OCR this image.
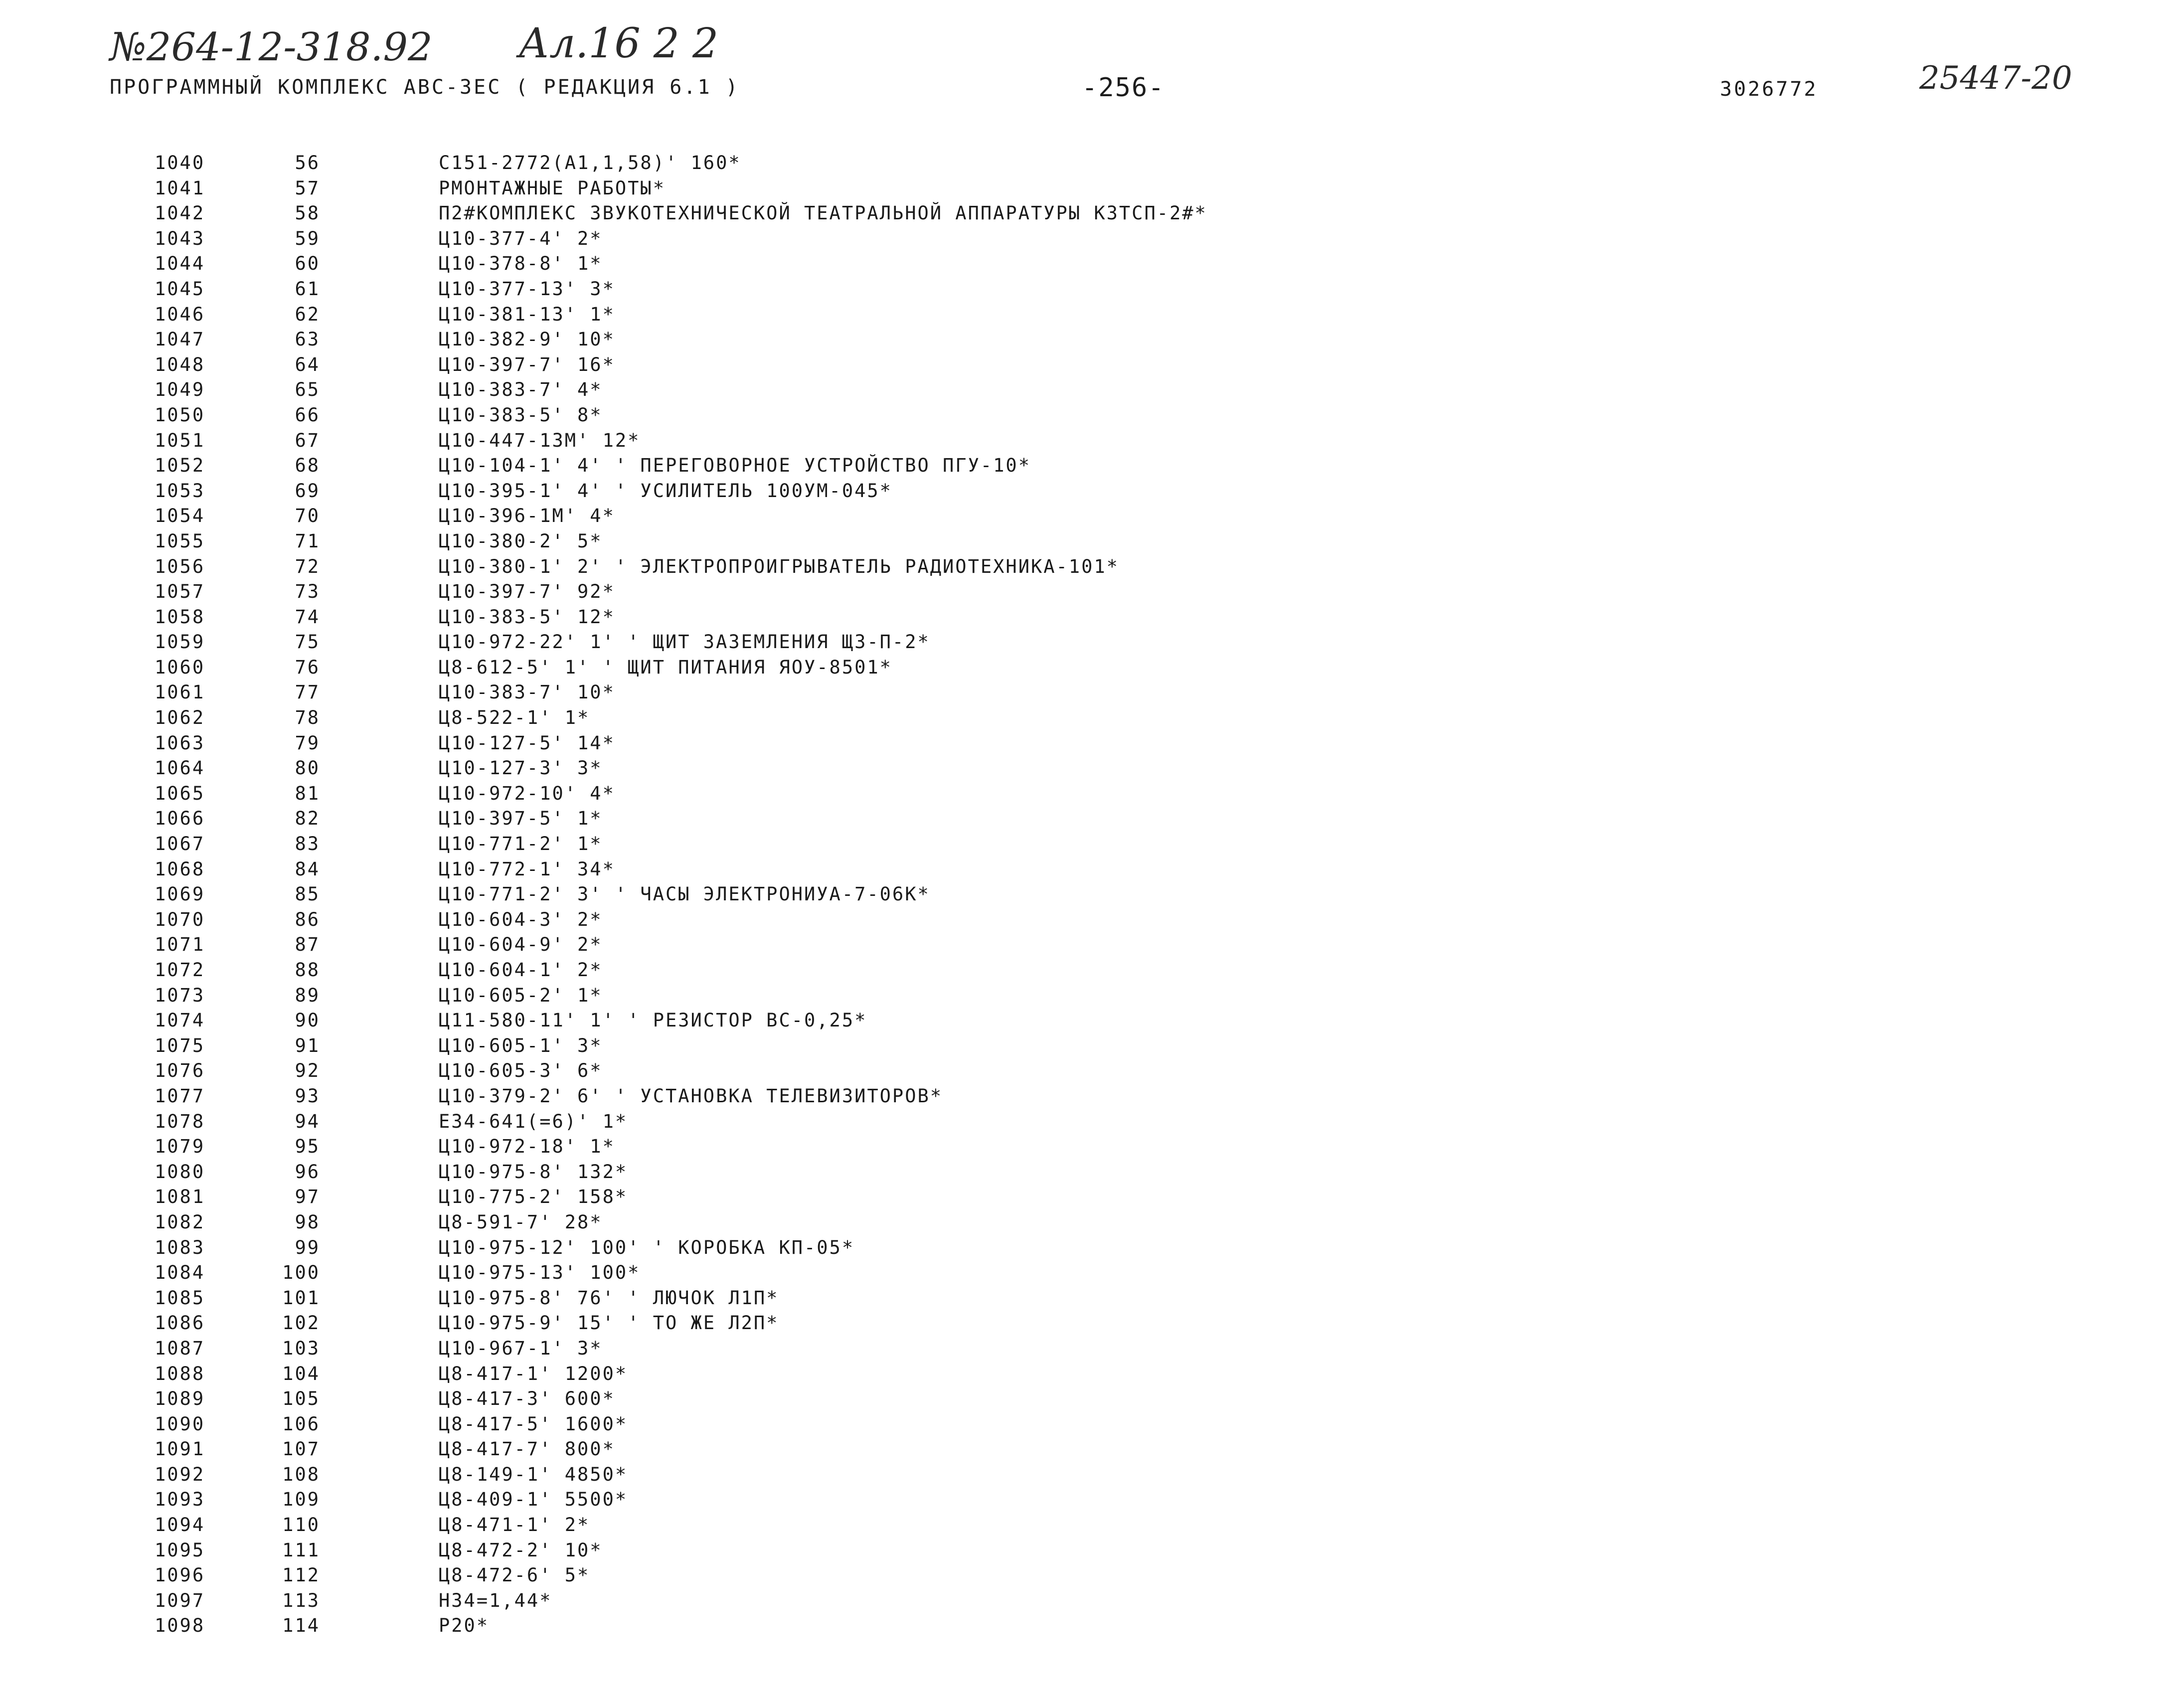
№264-12-318.92 Ал.16 2 2
25447-20
ПРОГРАММНЫЙ КОМПЛЕКС АВС-ЗЕС ( РЕДАКЦИЯ 6.1 )	-256-	3026772
1040	56	С151-2772(А1,1,58)' 160*
1041	57	РМОНТАЖНЫЕ РАБОТЫ*
1042	58	П2#КОМПЛЕКС ЗВУКОТЕХНИЧЕСКОЙ ТЕАТРАЛЬНОЙ АППАРАТУРЫ КЗТСП-2#*
1043	59	Ц10-377-4' 2*
1044	60	Ц10-378-8' 1*
1045	61	Ц10-377-13' 3*
1046	62	Ц10-381-13' 1*
1047	63	Ц10-382-9' 10*
1048	64	Ц10-397-7' 16*
1049	65	Ц10-383-7' 4*
1050	66	Ц10-383-5' 8*
1051	67	Ц10-447-13М' 12*
1052	68	Ц10-104-1' 4' ' ПЕРЕГОВОРНОЕ УСТРОЙСТВО ПГУ-10*
1053	69	Ц10-395-1' 4' ' УСИЛИТЕЛЬ 100УМ-045*
1054	70	Ц10-396-1М' 4*
1055	71	Ц10-380-2' 5*
1056	72	Ц10-380-1' 2' ' ЭЛЕКТРОПРОИГРЫВАТЕЛЬ РАДИОТЕХНИКА-101*
1057	73	Ц10-397-7' 92*
1058	74	Ц10-383-5' 12*
1059	75	Ц10-972-22' 1' ' ЩИТ ЗАЗЕМЛЕНИЯ ЩЗ-П-2*
1060	76	Ц8-612-5' 1' ' ЩИТ ПИТАНИЯ ЯОУ-8501*
1061	77	Ц10-383-7' 10*
1062	78	Ц8-522-1' 1*
1063	79	Ц10-127-5' 14*
1064	80	Ц10-127-3' 3*
1065	81	Ц10-972-10' 4*
1066	82	Ц10-397-5' 1*
1067	83	Ц10-771-2' 1*
1068	84	Ц10-772-1' 34*
1069	85	Ц10-771-2' 3' ' ЧАСЫ ЭЛЕКТРОНИУА-7-06К*
1070	86	Ц10-604-3' 2*
1071	87	Ц10-604-9' 2*
1072	88	Ц10-604-1' 2*
1073	89	Ц10-605-2' 1*
1074	90	Ц11-580-11' 1' ' РЕЗИСТОР ВС-0,25*
1075	91	Ц10-605-1' 3*
1076	92	Ц10-605-3' 6*
1077	93	Ц10-379-2' 6' ' УСТАНОВКА ТЕЛЕВИЗИТОРОВ*
1078	94	Е34-641(=6)' 1*
1079	95	Ц10-972-18' 1*
1080	96	Ц10-975-8' 132*
1081	97	Ц10-775-2' 158*
1082	98	Ц8-591-7' 28*
1083	99	Ц10-975-12' 100' ' КОРОБКА КП-05*
1084	100	Ц10-975-13' 100*
1085	101	Ц10-975-8' 76' ' ЛЮЧОК Л1П*
1086	102	Ц10-975-9' 15' ' ТО ЖЕ Л2П*
1087	103	Ц10-967-1' 3*
1088	104	Ц8-417-1' 1200*
1089	105	Ц8-417-3' 600*
1090	106	Ц8-417-5' 1600*
1091	107	Ц8-417-7' 800*
1092	108	Ц8-149-1' 4850*
1093	109	Ц8-409-1' 5500*
1094	110	Ц8-471-1' 2*
1095	111	Ц8-472-2' 10*
1096	112	Ц8-472-6' 5*
1097	113	Н34=1,44*
1098	114	Р20*
